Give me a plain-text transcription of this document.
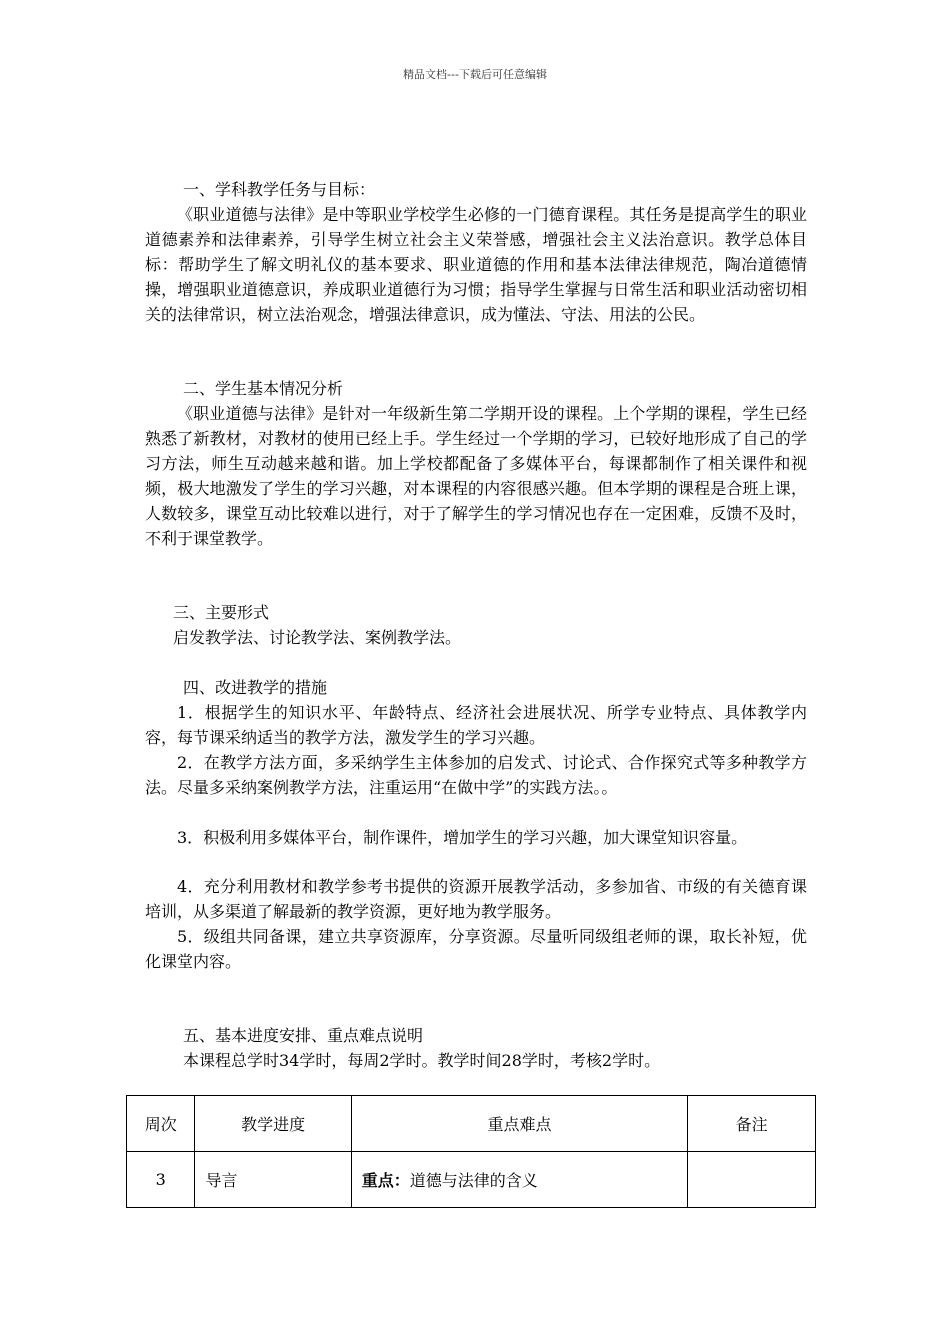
精品文档---下载后可任意编辑

一、学科教学任务与目标：

《职业道德与法律》是中等职业学校学生必修的一门德育课程。其任务是提高学生的职业道德素养和法律素养，引导学生树立社会主义荣誉感，增强社会主义法治意识。教学总体目标：帮助学生了解文明礼仪的基本要求、职业道德的作用和基本法律法律规范，陶冶道德情操，增强职业道德意识，养成职业道德行为习惯；指导学生掌握与日常生活和职业活动密切相关的法律常识，树立法治观念，增强法律意识，成为懂法、守法、用法的公民。

二、学生基本情况分析

《职业道德与法律》是针对一年级新生第二学期开设的课程。上个学期的课程，学生已经熟悉了新教材，对教材的使用已经上手。学生经过一个学期的学习，已较好地形成了自己的学习方法，师生互动越来越和谐。加上学校都配备了多媒体平台，每课都制作了相关课件和视频，极大地激发了学生的学习兴趣，对本课程的内容很感兴趣。但本学期的课程是合班上课，人数较多，课堂互动比较难以进行，对于了解学生的学习情况也存在一定困难，反馈不及时，不利于课堂教学。

三、主要形式

启发教学法、讨论教学法、案例教学法。

四、改进教学的措施

1．根据学生的知识水平、年龄特点、经济社会进展状况、所学专业特点、具体教学内容，每节课采纳适当的教学方法，激发学生的学习兴趣。

2．在教学方法方面，多采纳学生主体参加的启发式、讨论式、合作探究式等多种教学方法。尽量多采纳案例教学方法，注重运用“在做中学”的实践方法。。

3．积极利用多媒体平台，制作课件，增加学生的学习兴趣，加大课堂知识容量。

4．充分利用教材和教学参考书提供的资源开展教学活动，多参加省、市级的有关德育课培训，从多渠道了解最新的教学资源，更好地为教学服务。

5．级组共同备课，建立共享资源库，分享资源。尽量听同级组老师的课，取长补短，优化课堂内容。

五、基本进度安排、重点难点说明

本课程总学时34学时，每周2学时。教学时间28学时，考核2学时。

周次	教学进度	重点难点	备注
3	导言	重点：道德与法律的含义	
